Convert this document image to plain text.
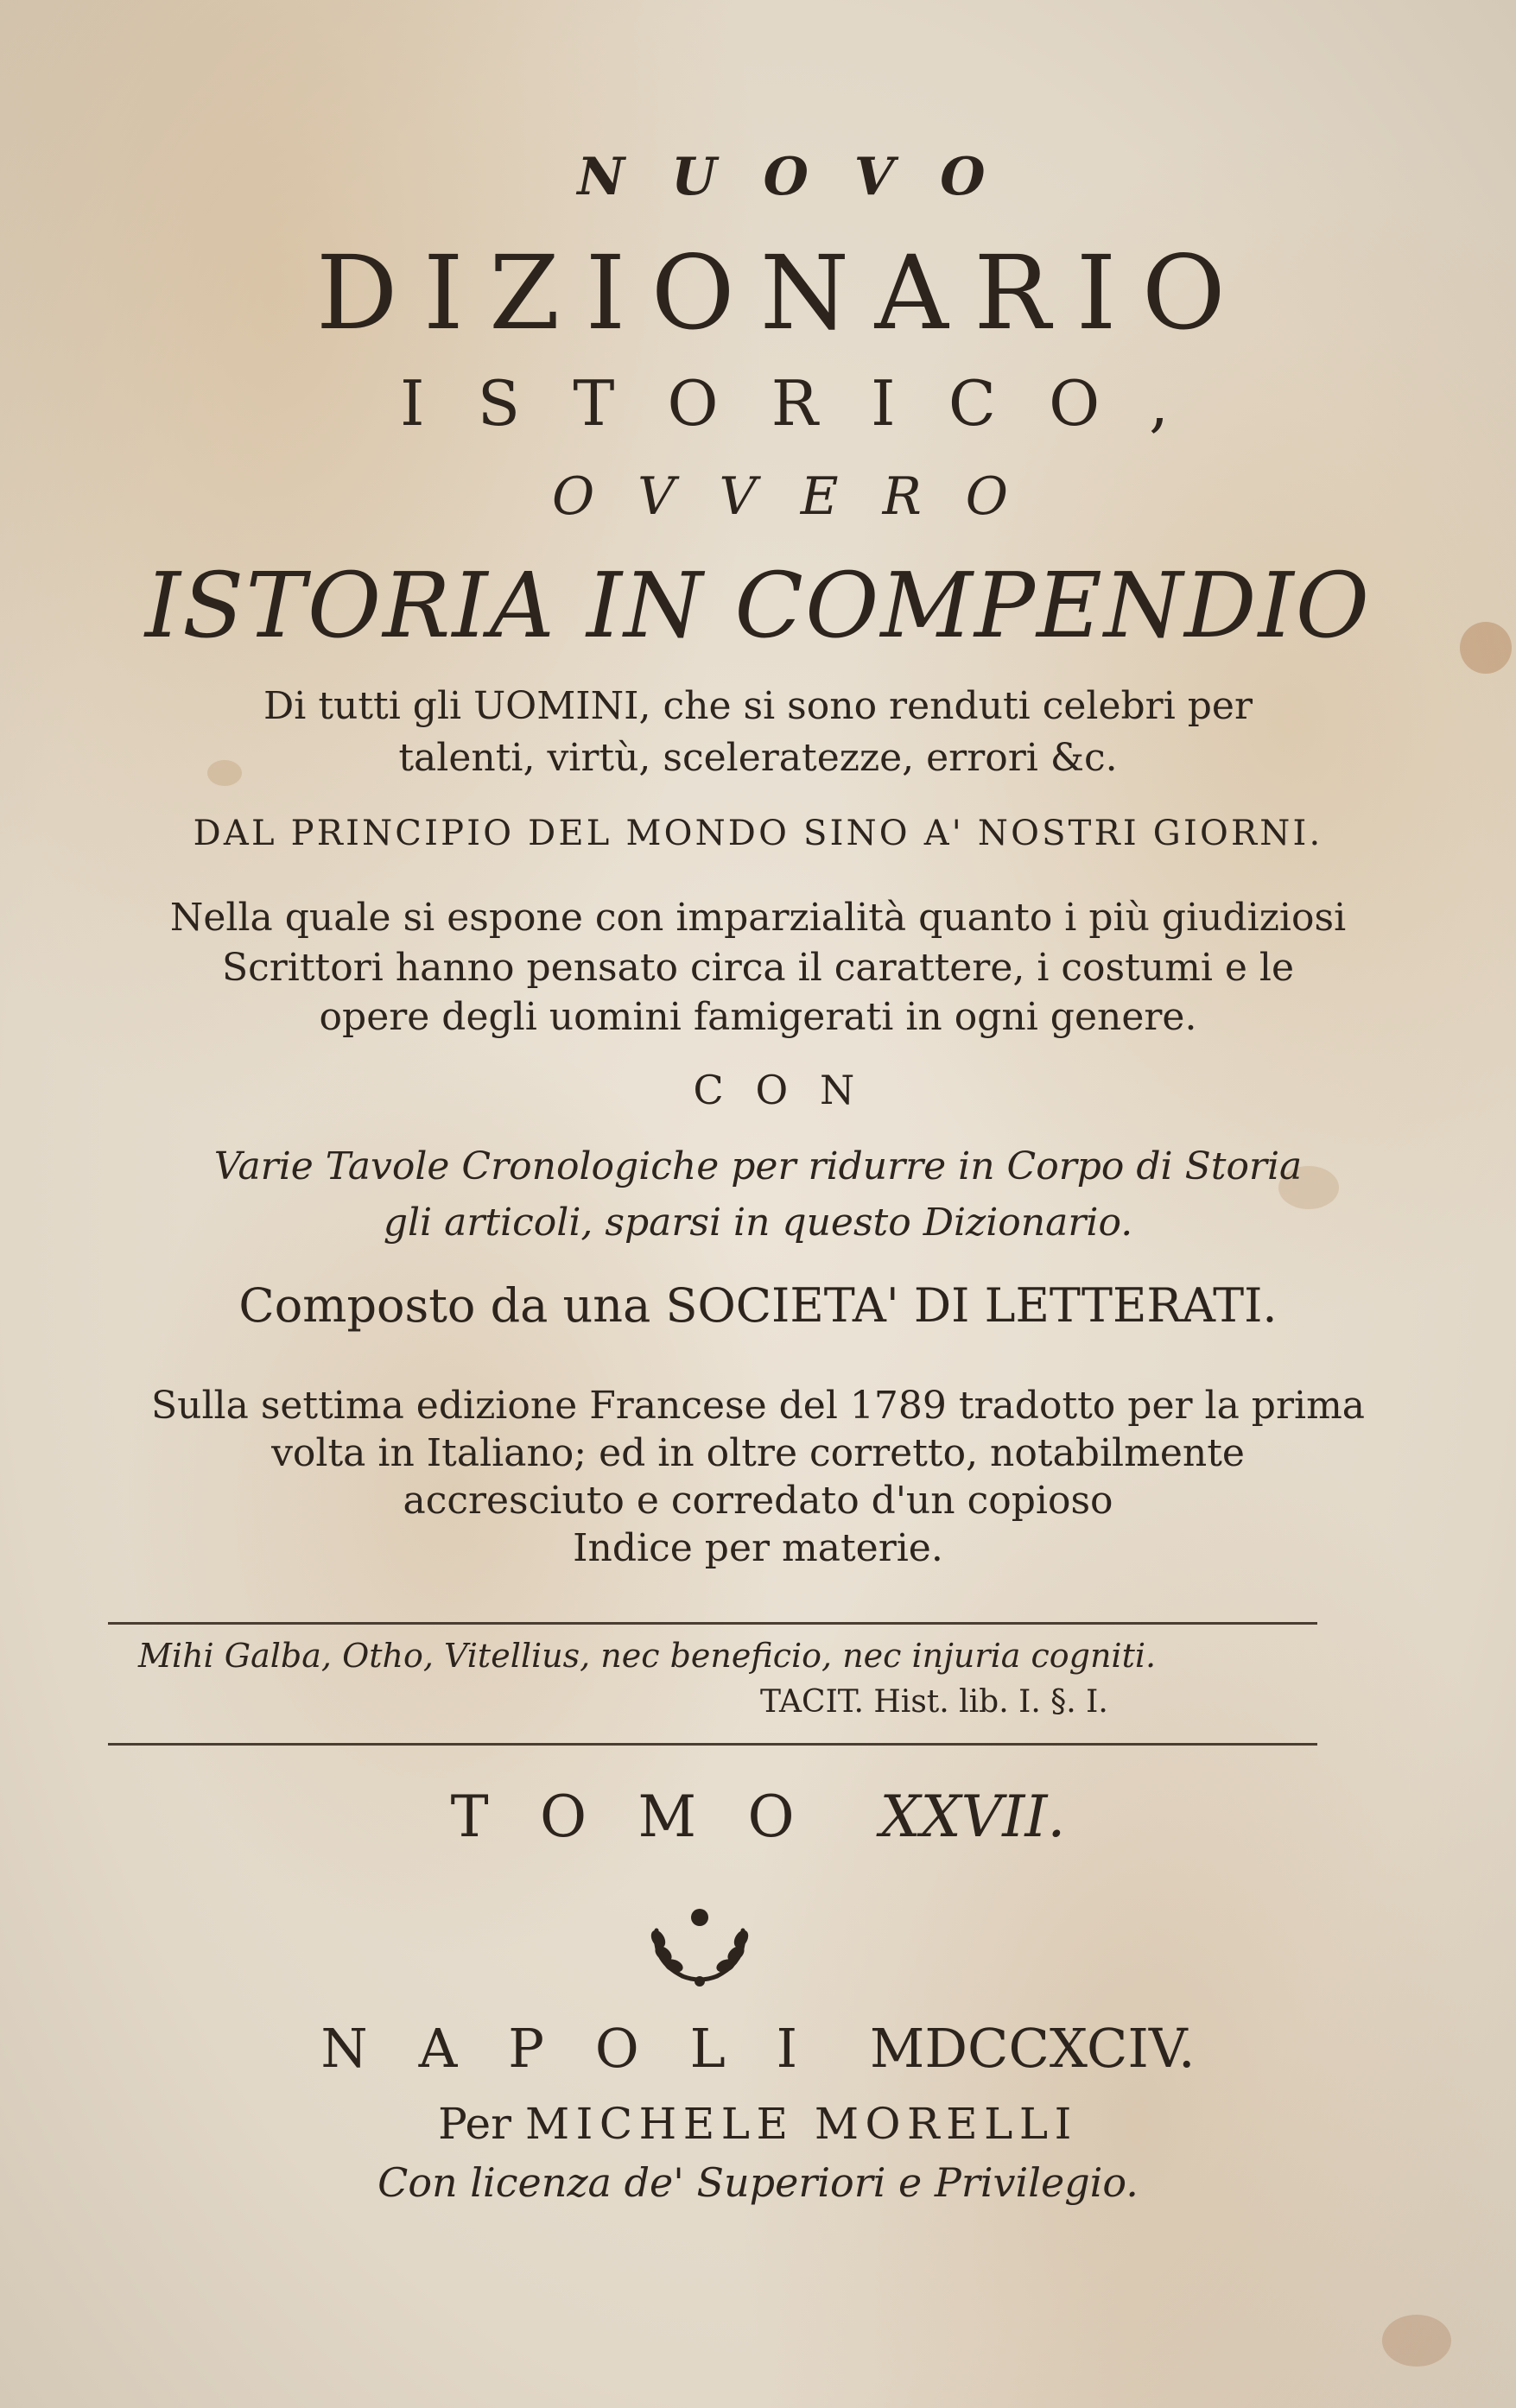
NUOVO
DIZIONARIO
ISTORICO,
OVVERO
ISTORIA IN COMPENDIO
Di tutti gli UOMINI, che si sono renduti celebri per
talenti, virtù, sceleratezze, errori &c.
DAL PRINCIPIO DEL MONDO SINO A' NOSTRI GIORNI.
Nella quale si espone con imparzialità quanto i più giudiziosi
Scrittori hanno pensato circa il carattere, i costumi e le
opere degli uomini famigerati in ogni genere.
CON
Varie Tavole Cronologiche per ridurre in Corpo di Storia
gli articoli, sparsi in questo Dizionario.
Composto da una SOCIETA' DI LETTERATI.
Sulla settima edizione Francese del 1789 tradotto per la prima
volta in Italiano; ed in oltre corretto, notabilmente
accresciuto e corredato d'un copioso
Indice per materie.
Mihi Galba, Otho, Vitellius, nec beneficio, nec injuria cogniti.
TACIT. Hist. lib. I. §. I.
TOMO XXVII.
NAPOLI MDCCXCIV.
Per MICHELE MORELLI
Con licenza de' Superiori e Privilegio.
